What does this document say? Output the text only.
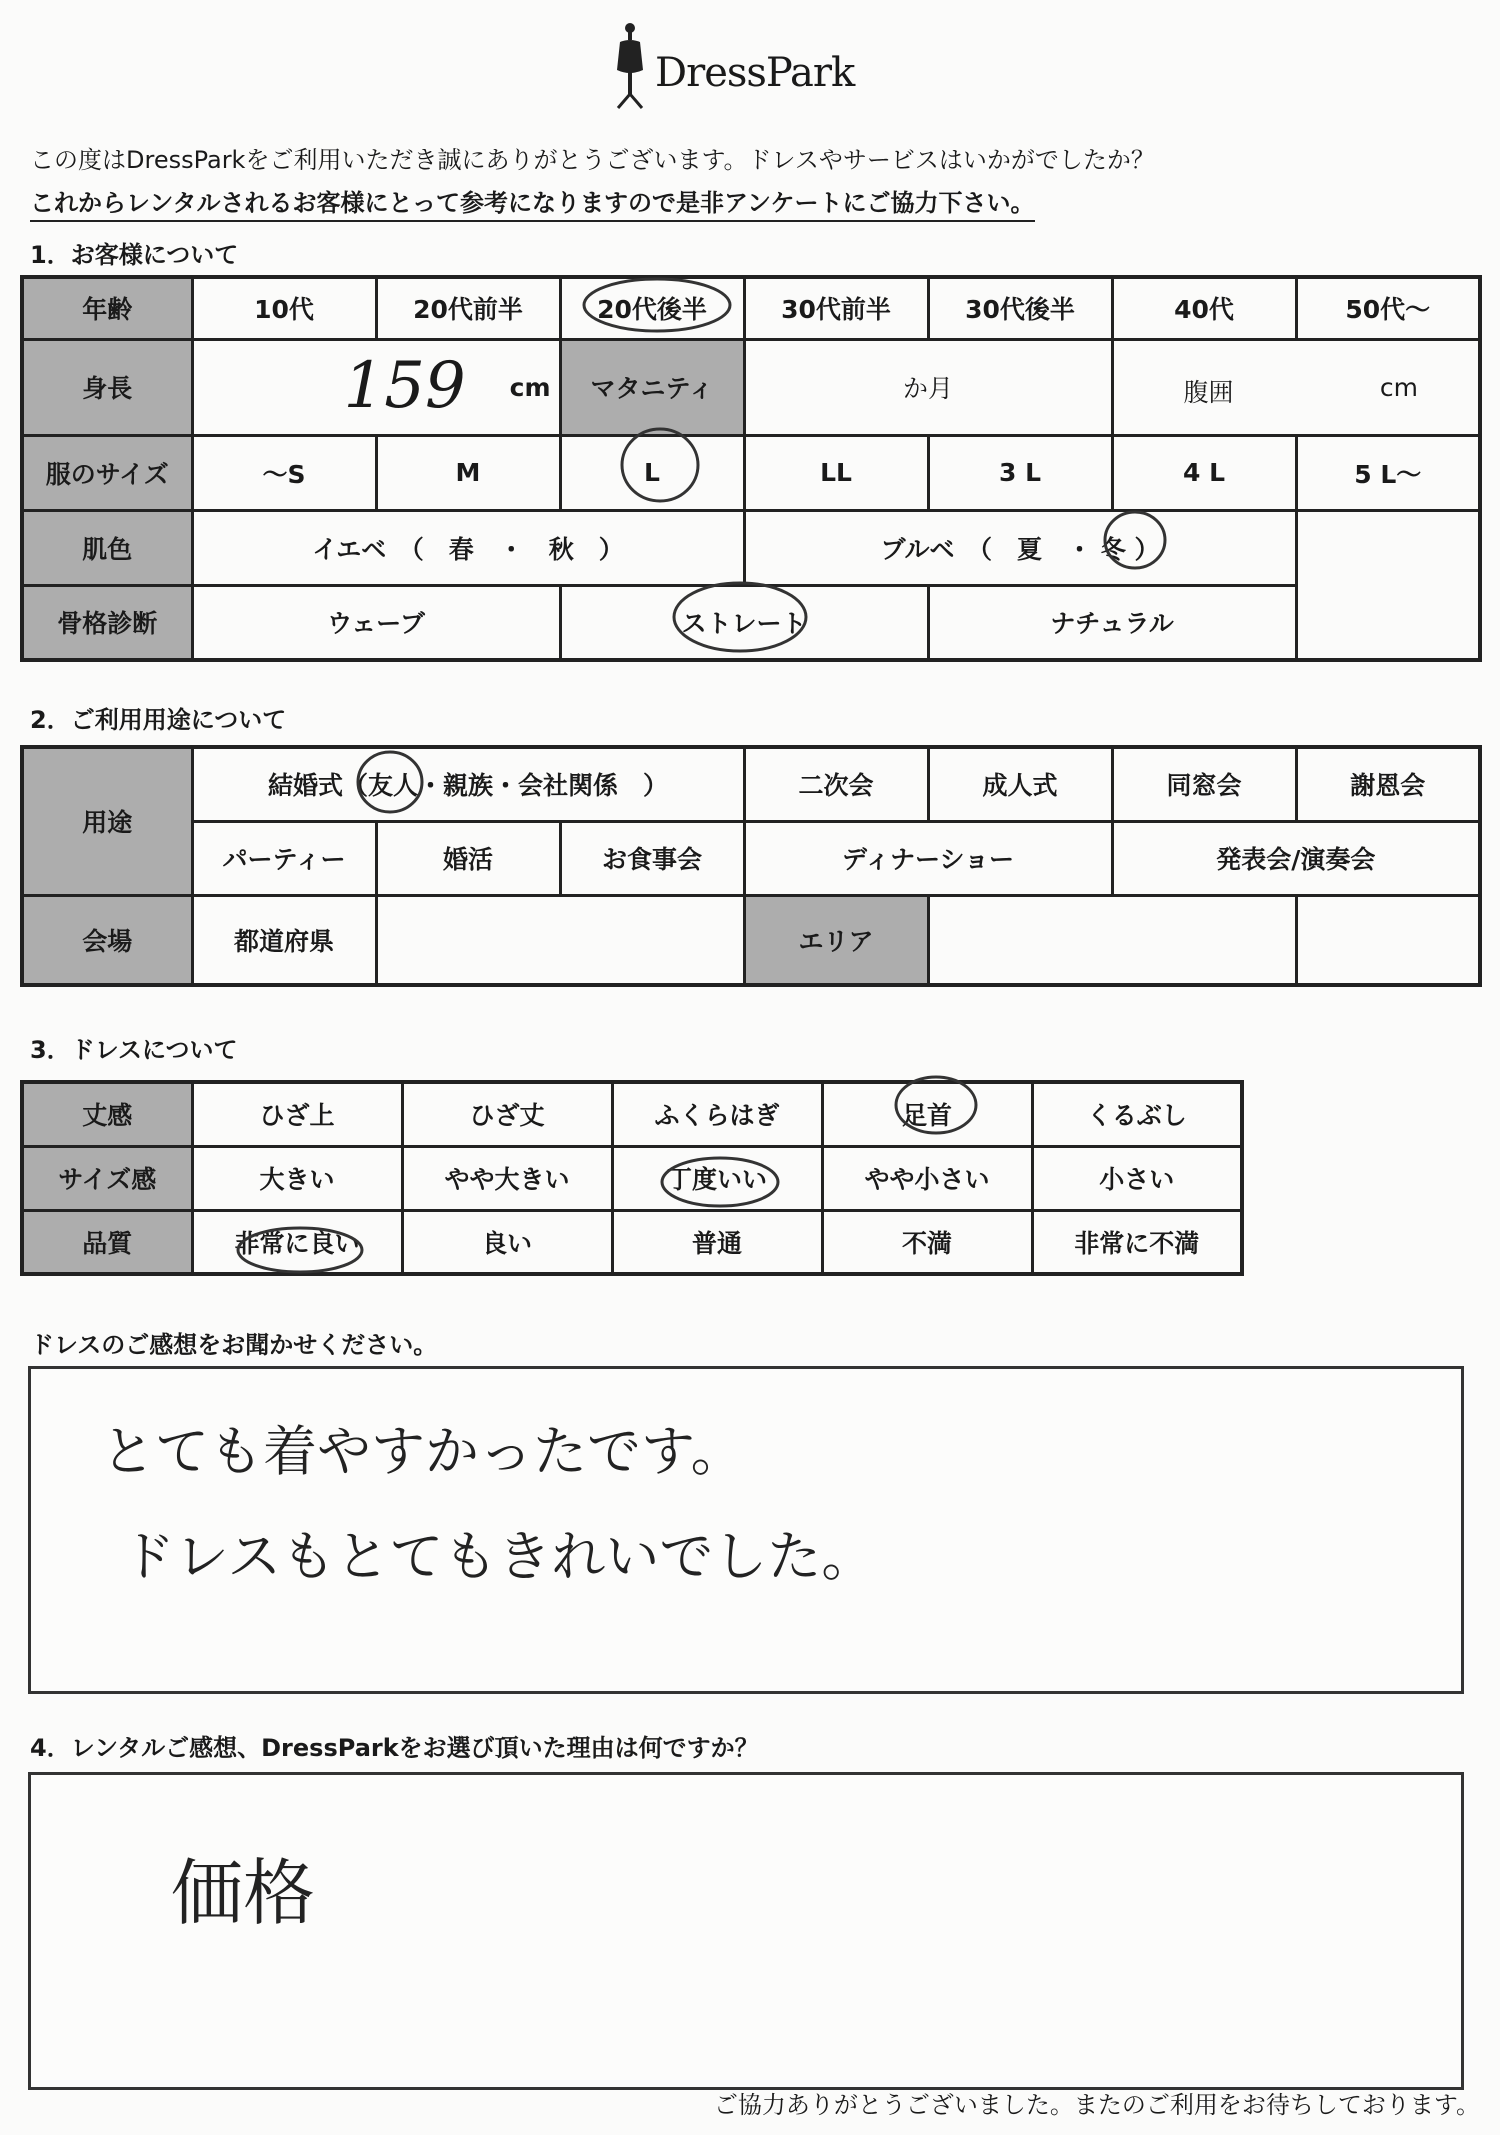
DressPark
この度はDressParkをご利用いただき誠にありがとうございます。ドレスやサービスはいかがでしたか？
これからレンタルされるお客様にとって参考になりますので是非アンケートにご協力下さい。
1．お客様について
年齢	10代	20代前半	20代後半	30代前半	30代後半	40代	50代〜
身長	159 cm		マタニティ	か月		腹囲 cm	

服のサイズ	〜S	M	L	LL	3 L	4 L	5 L〜
肌色	イエベ　（　春　・　秋　）			ブルベ　（　夏　・ 冬 ）			
骨格診断	ウェーブ		ストレート		ナチュラル		
2．ご利用用途について
用途	結婚式（友人・親族・会社関係　）			二次会	成人式	同窓会	謝恩会
	パーティー	婚活	お食事会	ディナーショー		発表会/演奏会	
会場	都道府県			エリア			
3．ドレスについて
丈感	ひざ上	ひざ丈	ふくらはぎ	足首	くるぶし
サイズ感	大きい	やや大きい	丁度いい	やや小さい	小さい
品質	非常に良い	良い	普通	不満	非常に不満
ドレスのご感想をお聞かせください。
とても着やすかったです。
ドレスもとてもきれいでした。
4．レンタルご感想、DressParkをお選び頂いた理由は何ですか？
価格
ご協力ありがとうございました。またのご利用をお待ちしております。
